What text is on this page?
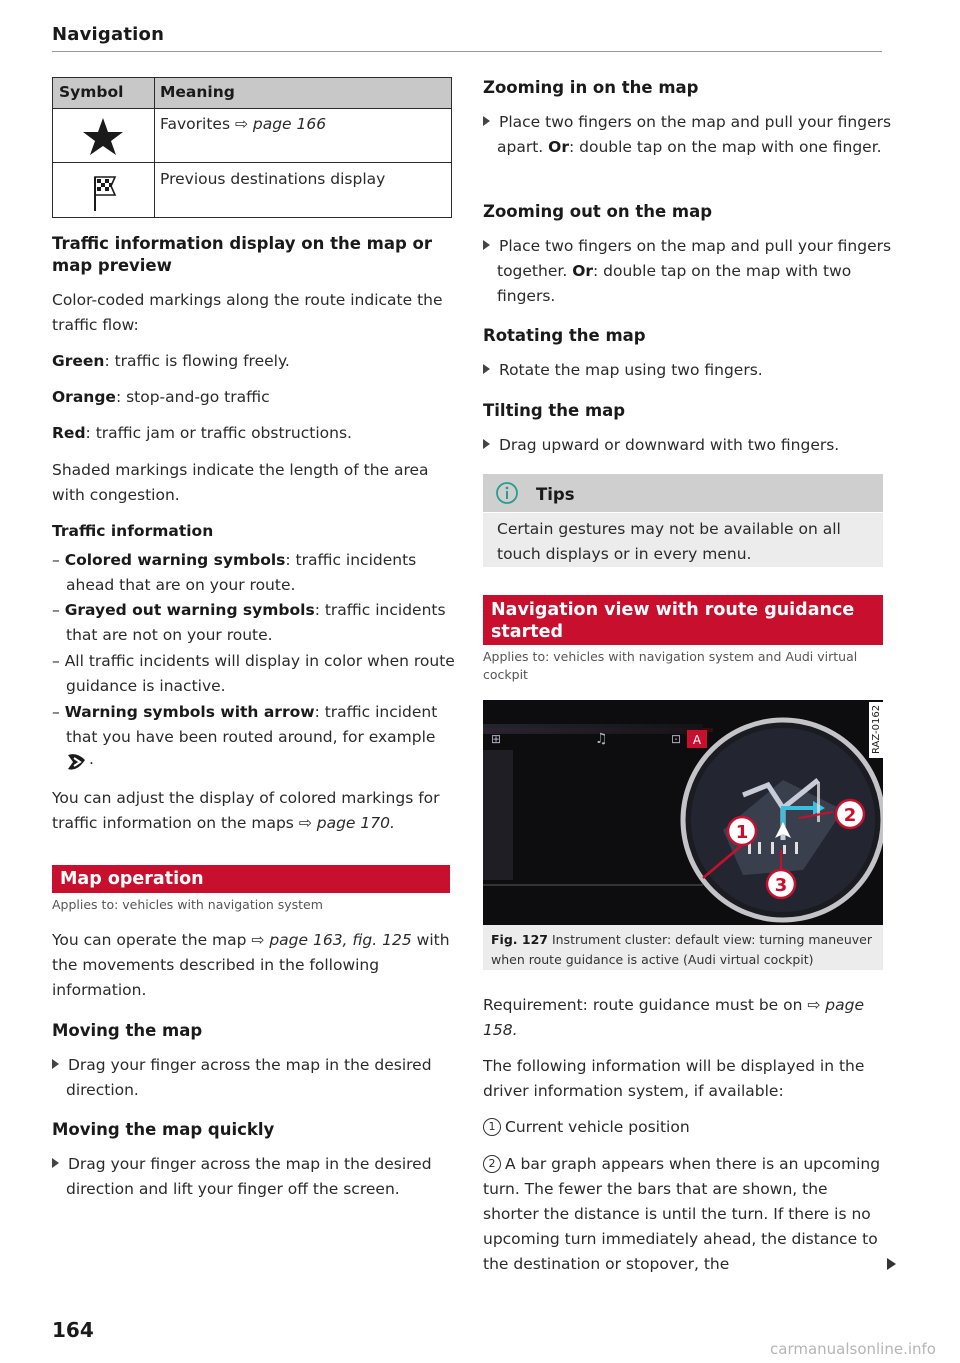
Navigation
Symbol Meaning

Favorites ⇨ page 166

Previous destinations display

Traffic information display on the map or map preview

Color-coded markings along the route indicate the traffic flow:

Green: traffic is flowing freely.

Orange: stop-and-go traffic

Red: traffic jam or traffic obstructions.

Shaded markings indicate the length of the area with congestion.

Traffic information

– Colored warning symbols: traffic incidents ahead that are on your route.

– Grayed out warning symbols: traffic incidents that are not on your route.

– All traffic incidents will display in color when route guidance is inactive.

– Warning symbols with arrow: traffic incident that you have been routed around, for example

.

You can adjust the display of colored markings for traffic information on the maps ⇨ page 170.

Map operation
Applies to: vehicles with navigation system

You can operate the map ⇨ page 163, fig. 125 with the movements described in the following information.

Moving the map

Drag your finger across the map in the desired direction.

Moving the map quickly

Drag your finger across the map in the desired direction and lift your finger off the screen.

Zooming in on the map

Place two fingers on the map and pull your fingers apart. Or: double tap on the map with one finger.

Zooming out on the map

Place two fingers on the map and pull your fingers together. Or: double tap on the map with two fingers.

Rotating the map

Rotate the map using two fingers.

Tilting the map

Drag upward or downward with two fingers.

Tips

Certain gestures may not be available on all touch displays or in every menu.

Navigation view with route guidance
started
Applies to: vehicles with navigation system and Audi virtual cockpit
1
2
3
RAZ-0162
⊞	♫	⊡ A
Fig. 127 Instrument cluster: default view: turning maneuver when route guidance is active (Audi virtual cockpit)

Requirement: route guidance must be on ⇨ page 158.

The following information will be displayed in the driver information system, if available:

1 Current vehicle position

2 A bar graph appears when there is an upcoming turn. The fewer the bars that are shown, the shorter the distance is until the turn. If there is no upcoming turn immediately ahead, the distance to the destination or stopover, the

164
carmanualsonline.info
